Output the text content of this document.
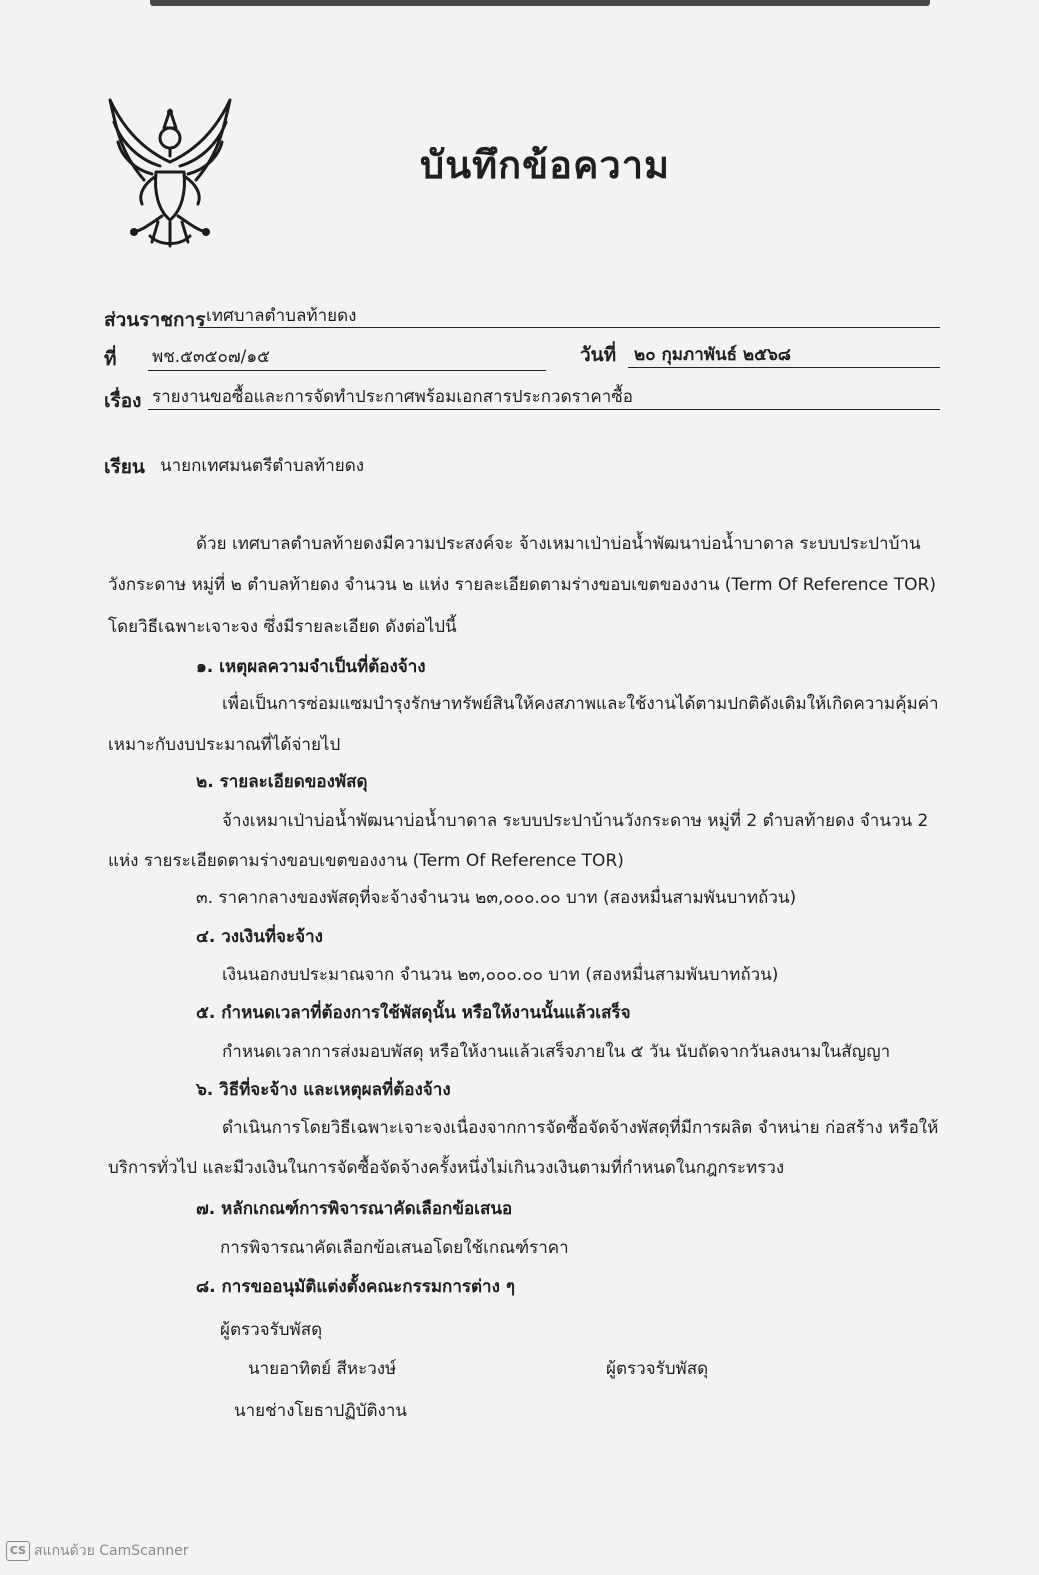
บันทึกข้อความ
ส่วนราชการ เทศบาลตำบลท้ายดง
ที่ พช.๕๓๕๐๗/๑๕	วันที่ ๒๐ กุมภาพันธ์ ๒๕๖๘
เรื่อง รายงานขอซื้อและการจัดทำประกาศพร้อมเอกสารประกวดราคาซื้อ
เรียน นายกเทศมนตรีตำบลท้ายดง
ด้วย เทศบาลตำบลท้ายดงมีความประสงค์จะ จ้างเหมาเป่าบ่อน้ำพัฒนาบ่อน้ำบาดาล ระบบประปาบ้าน
วังกระดาษ หมู่ที่ ๒ ตำบลท้ายดง จำนวน ๒ แห่ง รายละเอียดตามร่างขอบเขตของงาน (Term Of Reference TOR)
โดยวิธีเฉพาะเจาะจง ซึ่งมีรายละเอียด ดังต่อไปนี้
๑. เหตุผลความจำเป็นที่ต้องจ้าง
เพื่อเป็นการซ่อมแซมบำรุงรักษาทรัพย์สินให้คงสภาพและใช้งานได้ตามปกติดังเดิมให้เกิดความคุ้มค่า
เหมาะกับงบประมาณที่ได้จ่ายไป
๒. รายละเอียดของพัสดุ
จ้างเหมาเป่าบ่อน้ำพัฒนาบ่อน้ำบาดาล ระบบประปาบ้านวังกระดาษ หมู่ที่ 2 ตำบลท้ายดง จำนวน 2
แห่ง รายระเอียดตามร่างขอบเขตของงาน (Term Of Reference TOR)
๓. ราคากลางของพัสดุที่จะจ้างจำนวน ๒๓,๐๐๐.๐๐ บาท (สองหมื่นสามพันบาทถ้วน)
๔. วงเงินที่จะจ้าง
เงินนอกงบประมาณจาก จำนวน ๒๓,๐๐๐.๐๐ บาท (สองหมื่นสามพันบาทถ้วน)
๕. กำหนดเวลาที่ต้องการใช้พัสดุนั้น หรือให้งานนั้นแล้วเสร็จ
กำหนดเวลาการส่งมอบพัสดุ หรือให้งานแล้วเสร็จภายใน ๕ วัน นับถัดจากวันลงนามในสัญญา
๖. วิธีที่จะจ้าง และเหตุผลที่ต้องจ้าง
ดำเนินการโดยวิธีเฉพาะเจาะจงเนื่องจากการจัดซื้อจัดจ้างพัสดุที่มีการผลิต จำหน่าย ก่อสร้าง หรือให้
บริการทั่วไป และมีวงเงินในการจัดซื้อจัดจ้างครั้งหนึ่งไม่เกินวงเงินตามที่กำหนดในกฎกระทรวง
๗. หลักเกณฑ์การพิจารณาคัดเลือกข้อเสนอ
การพิจารณาคัดเลือกข้อเสนอโดยใช้เกณฑ์ราคา
๘. การขออนุมัติแต่งตั้งคณะกรรมการต่าง ๆ
ผู้ตรวจรับพัสดุ
นายอาทิตย์ สีหะวงษ์	ผู้ตรวจรับพัสดุ
นายช่างโยธาปฏิบัติงาน
CS สแกนด้วย CamScanner
